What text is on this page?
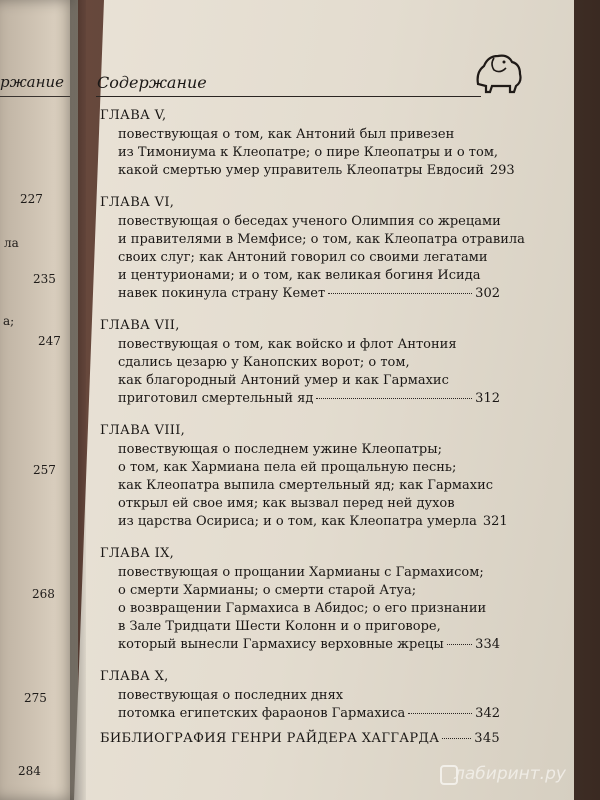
ржание
227
ла
235
а;
247
257
268
275
284
Содержание
ГЛАВА V,
повествующая о том, как Антоний был привезен
из Тимониума к Клеопатре; о пире Клеопатры и о том,
какой смертью умер управитель Клеопатры Евдосий 293
ГЛАВА VI,
повествующая о беседах ученого Олимпия со жрецами
и правителями в Мемфисе; о том, как Клеопатра отравила
своих слуг; как Антоний говорил со своими легатами
и центурионами; и о том, как великая богиня Исида
навек покинула страну Кемет	302
ГЛАВА VII,
повествующая о том, как войско и флот Антония
сдались цезарю у Канопских ворот; о том,
как благородный Антоний умер и как Гармахис
приготовил смертельный яд	312
ГЛАВА VIII,
повествующая о последнем ужине Клеопатры;
о том, как Хармиана пела ей прощальную песнь;
как Клеопатра выпила смертельный яд; как Гармахис
открыл ей свое имя; как вызвал перед ней духов
из царства Осириса; и о том, как Клеопатра умерла 321
ГЛАВА IX,
повествующая о прощании Хармианы с Гармахисом;
о смерти Хармианы; о смерти старой Атуа;
о возвращении Гармахиса в Абидос; о его признании
в Зале Тридцати Шести Колонн и о приговоре,
который вынесли Гармахису верховные жрецы 334
ГЛАВА X,
повествующая о последних днях
потомка египетских фараонов Гармахиса	342
БИБЛИОГРАФИЯ ГЕНРИ РАЙДЕРА ХАГГАРДА	345
лабиринт.ру
